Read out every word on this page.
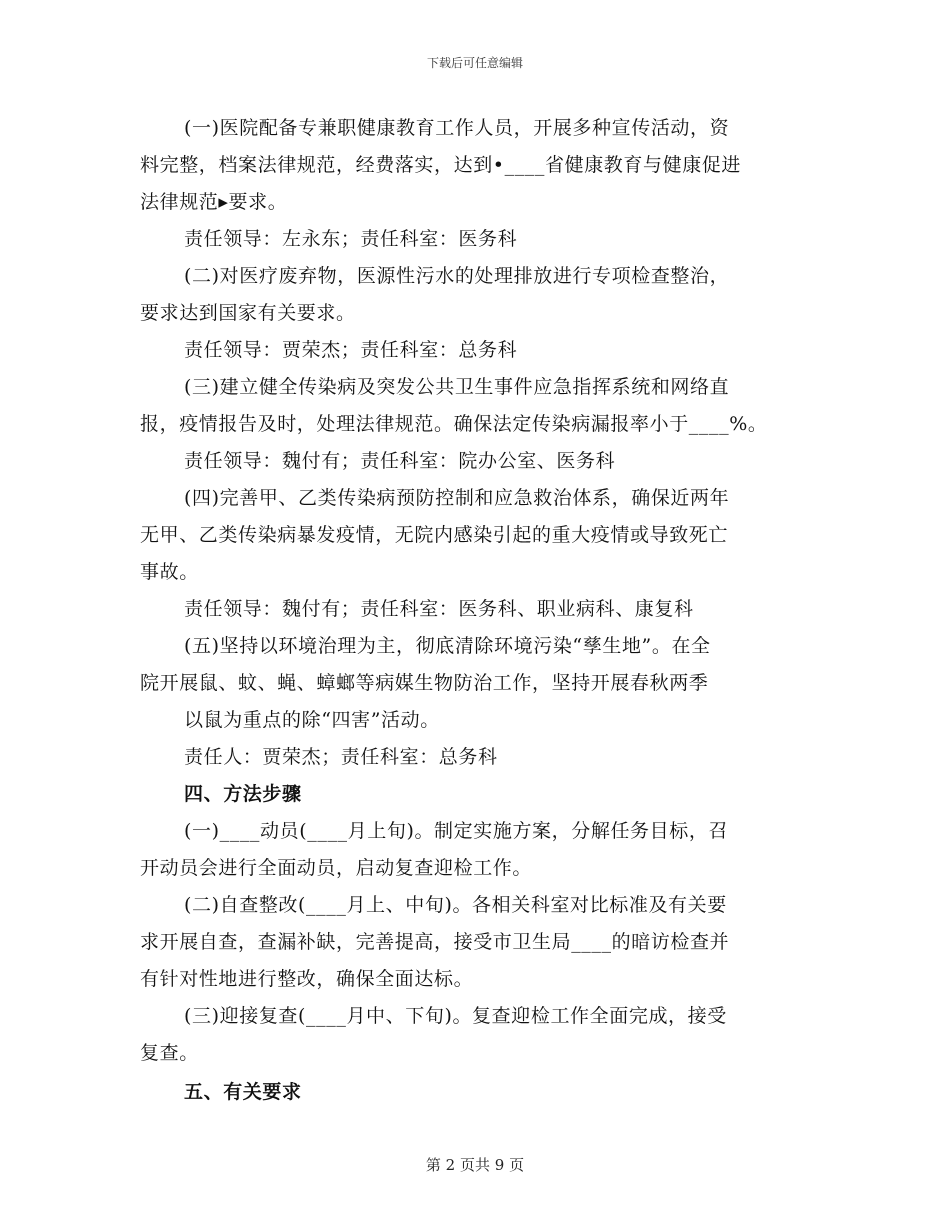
下载后可任意编辑
(一)医院配备专兼职健康教育工作人员，开展多种宣传活动，资
料完整，档案法律规范，经费落实，达到•____省健康教育与健康促进
法律规范▸要求。
责任领导：左永东；责任科室：医务科
(二)对医疗废弃物，医源性污水的处理排放进行专项检查整治，
要求达到国家有关要求。
责任领导：贾荣杰；责任科室：总务科
(三)建立健全传染病及突发公共卫生事件应急指挥系统和网络直
报，疫情报告及时，处理法律规范。确保法定传染病漏报率小于____%。
责任领导：魏付有；责任科室：院办公室、医务科
(四)完善甲、乙类传染病预防控制和应急救治体系，确保近两年
无甲、乙类传染病暴发疫情，无院内感染引起的重大疫情或导致死亡
事故。
责任领导：魏付有；责任科室：医务科、职业病科、康复科
(五)坚持以环境治理为主，彻底清除环境污染“孳生地”。在全
院开展鼠、蚊、蝇、蟑螂等病媒生物防治工作，坚持开展春秋两季
以鼠为重点的除“四害”活动。
责任人：贾荣杰；责任科室：总务科
四、方法步骤
(一)____动员(____月上旬)。制定实施方案，分解任务目标，召
开动员会进行全面动员，启动复查迎检工作。
(二)自查整改(____月上、中旬)。各相关科室对比标准及有关要
求开展自查，查漏补缺，完善提高，接受市卫生局____的暗访检查并
有针对性地进行整改，确保全面达标。
(三)迎接复查(____月中、下旬)。复查迎检工作全面完成，接受
复查。
五、有关要求
第 2 页共 9 页
